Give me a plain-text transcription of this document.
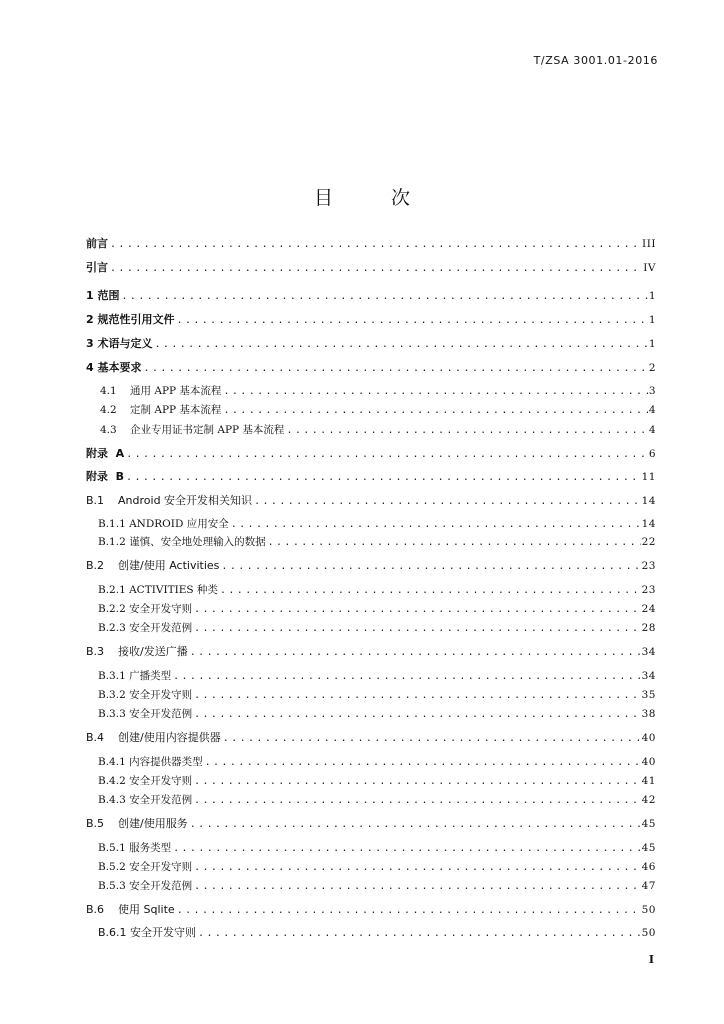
T/ZSA 3001.01-2016
目 次
前言 .....	III
引言 .....	IV
1 范围 .....	1
2 规范性引用文件 .....	1
3 术语与定义 .....	1
4 基本要求 .....	2
4.1    通用 APP 基本流程 .....	3
4.2    定制 APP 基本流程 .....	4
4.3    企业专用证书定制 APP 基本流程 .....	4
附录  A .....	6
附录  B .....	11
B.1    Android 安全开发相关知识 .....	14
B.1.1 ANDROID 应用安全 .....	14
B.1.2 谨慎、安全地处理输入的数据 .....	22
B.2    创建/使用 Activities .....	23
B.2.1 ACTIVITIES 种类 .....	23
B.2.2 安全开发守则 .....	24
B.2.3 安全开发范例 .....	28
B.3    接收/发送广播 .....	34
B.3.1 广播类型 .....	34
B.3.2 安全开发守则 .....	35
B.3.3 安全开发范例 .....	38
B.4    创建/使用内容提供器 .....	40
B.4.1 内容提供器类型 .....	40
B.4.2 安全开发守则 .....	41
B.4.3 安全开发范例 .....	42
B.5    创建/使用服务 .....	45
B.5.1 服务类型 .....	45
B.5.2 安全开发守则 .....	46
B.5.3 安全开发范例 .....	47
B.6    使用 Sqlite .....	50
B.6.1 安全开发守则 .....	50
I
